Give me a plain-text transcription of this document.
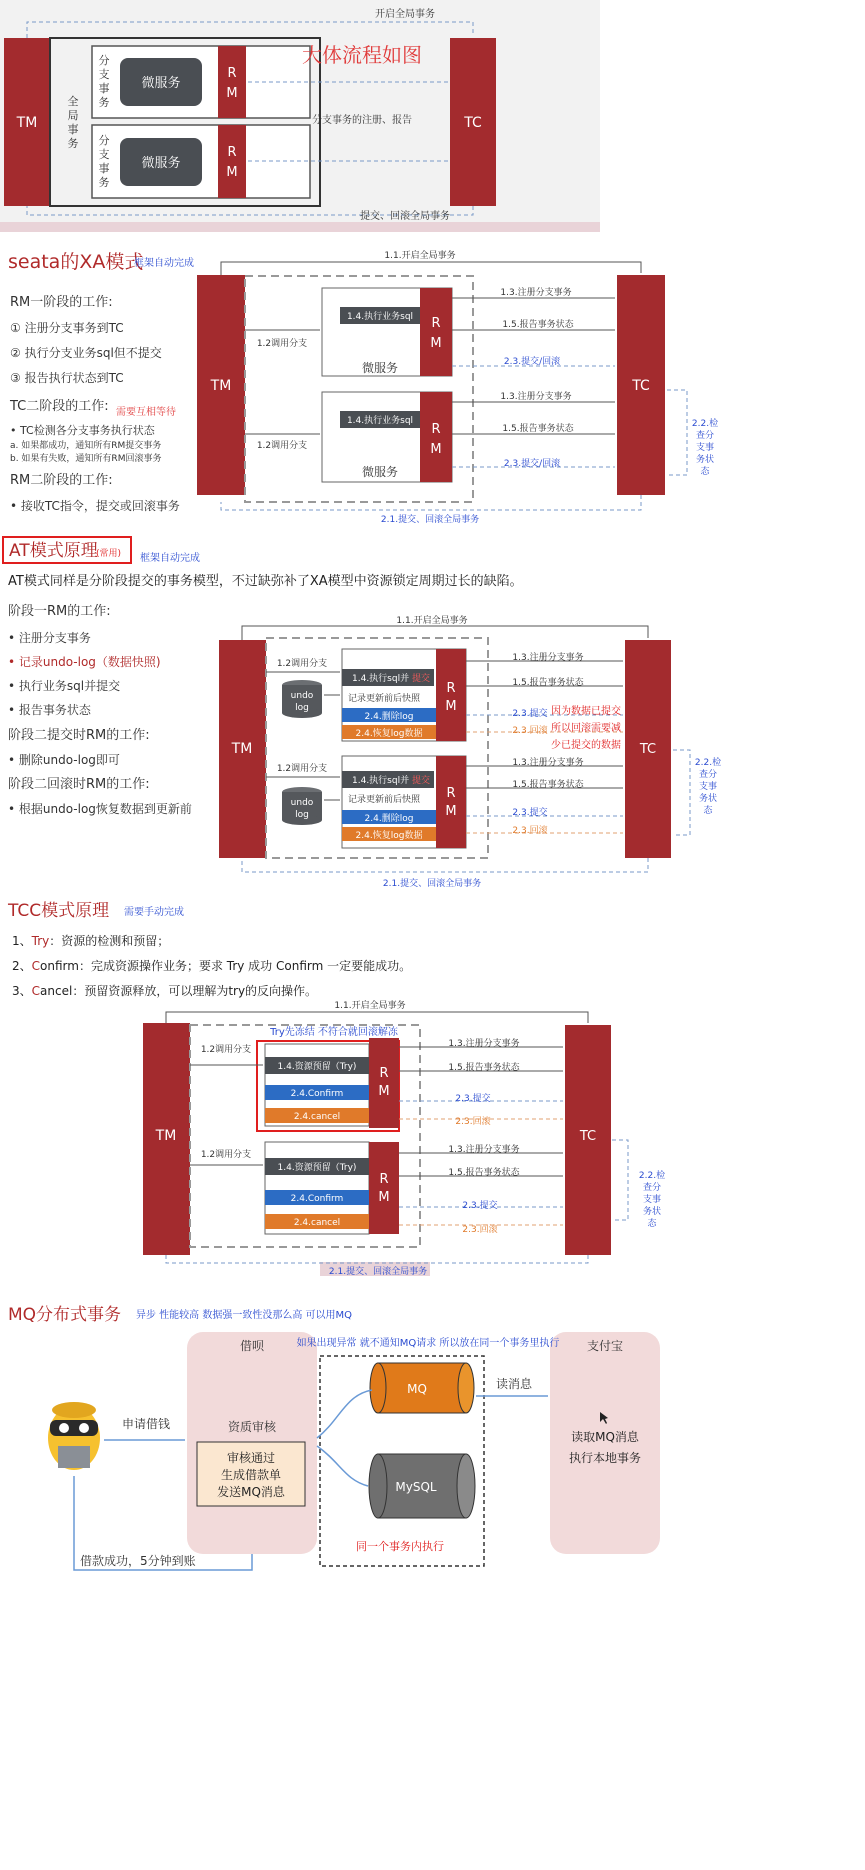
TM
全
局
事
务
分
支
事
务
微服务
R
M
分
支
事
务
微服务
R
M
TC
开启全局事务
分支事务的注册、报告
提交、回滚全局事务
大体流程如图
seata的XA模式
框架自动完成
RM一阶段的工作:
① 注册分支事务到TC
② 执行分支业务sql但不提交
③ 报告执行状态到TC
TC二阶段的工作: 需要互相等待
• TC检测各分支事务执行状态
a. 如果都成功，通知所有RM提交事务
b. 如果有失败，通知所有RM回滚事务
RM二阶段的工作:
• 接收TC指令，提交或回滚事务
TM
1.4.执行业务sql
微服务
R
M
1.4.执行业务sql
微服务
R
M
1.2调用分支
1.2调用分支
TC
1.1.开启全局事务
1.3.注册分支事务
1.5.报告事务状态
2.3.提交/回滚
1.3.注册分支事务
1.5.报告事务状态
2.3.提交/回滚
2.1.提交、回滚全局事务
2.2.检
查分
支事
务状
态
AT模式原理
(常用) 框架自动完成
AT模式同样是分阶段提交的事务模型，不过缺弥补了XA模型中资源锁定周期过长的缺陷。
阶段一RM的工作:
• 注册分支事务
• 记录undo-log（数据快照)
• 执行业务sql并提交
• 报告事务状态
阶段二提交时RM的工作:
• 删除undo-log即可
阶段二回滚时RM的工作:
• 根据undo-log恢复数据到更新前
TM
1.4.执行sql并 提交
记录更新前后快照
2.4.删除log
2.4.恢复log数据
R
M
undo
log
1.2调用分支
1.4.执行sql并 提交
记录更新前后快照
2.4.删除log
2.4.恢复log数据
R
M
undo
log
1.2调用分支
TC
1.1.开启全局事务
1.3.注册分支事务
1.5.报告事务状态
2.3.提交
2.3.回滚
因为数据已提交
所以回滚需要减
少已提交的数据
1.3.注册分支事务
1.5.报告事务状态
2.3.提交
2.3.回滚
2.1.提交、回滚全局事务
2.2.检
查分
支事
务状
态
TCC模式原理 需要手动完成
1、Try：资源的检测和预留；
2、Confirm：完成资源操作业务；要求 Try 成功 Confirm 一定要能成功。
3、Cancel：预留资源释放，可以理解为try的反向操作。
TM
Try先冻结 不符合就回滚解冻
1.4.资源预留（Try)
2.4.Confirm
2.4.cancel
R
M
1.2调用分支
1.4.资源预留（Try)
2.4.Confirm
2.4.cancel
R
M
1.2调用分支
TC
1.1.开启全局事务
1.3.注册分支事务
1.5.报告事务状态
2.3.提交
2.3.回滚
1.3.注册分支事务
1.5.报告事务状态
2.3.提交
2.3.回滚
2.1.提交、回滚全局事务
2.2.检
查分
支事
务状
态
MQ分布式事务 异步 性能较高 数据强一致性没那么高 可以用MQ
借呗
资质审核
审核通过
生成借款单
发送MQ消息
支付宝
读取MQ消息
执行本地事务
如果出现异常 就不通知MQ请求 所以放在同一个事务里执行
同一个事务内执行
MQ
MySQL
读消息
申请借钱
借款成功，5分钟到账
